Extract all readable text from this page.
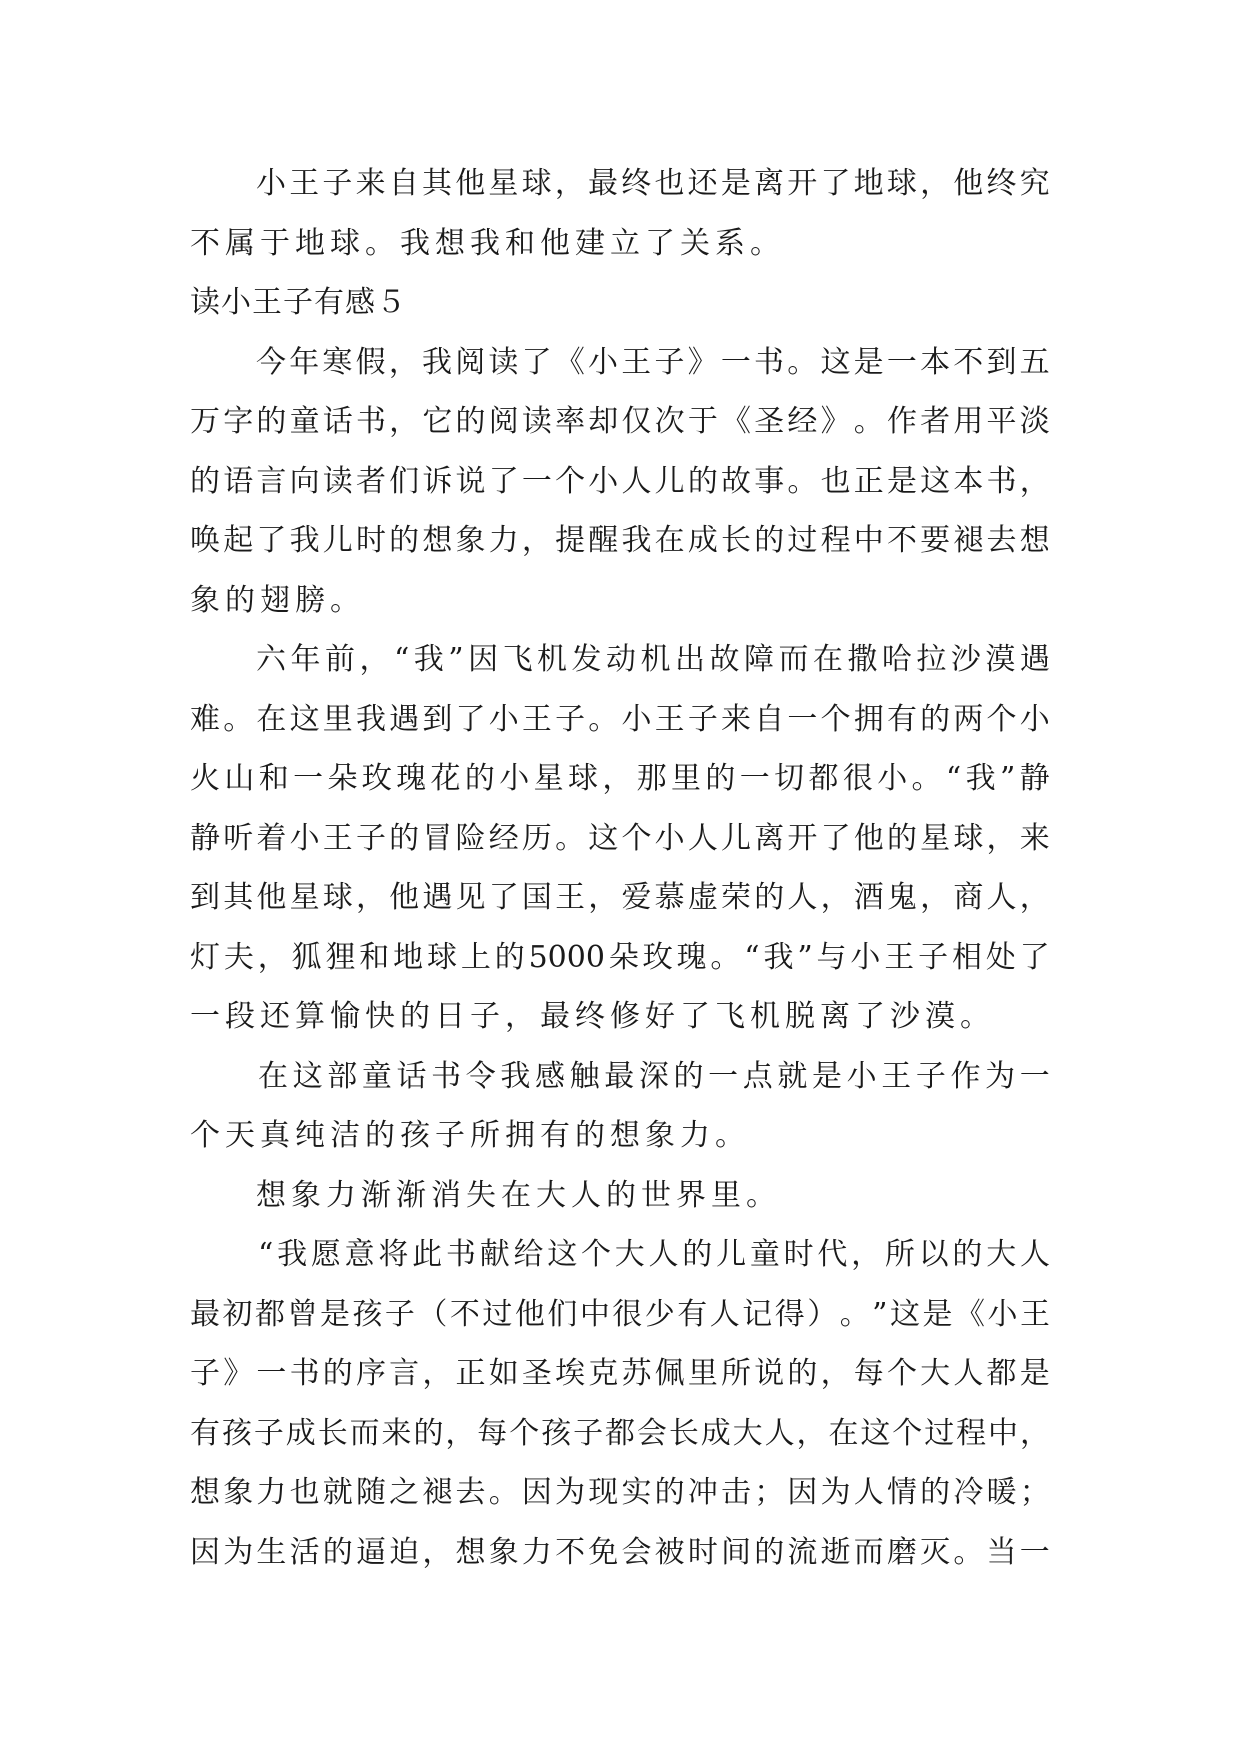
小 王 子 来 自 其 他 星 球 ， 最 终 也 还 是 离 开 了 地 球 ， 他 终 究
不属于地球。我想我和他建立了关系。
读小王子有感５
今 年 寒 假 ， 我 阅 读 了 《 小 王 子 》 一 书 。 这 是 一 本 不 到 五
万 字 的 童 话 书 ， 它 的 阅 读 率 却 仅 次 于 《 圣 经 》 。 作 者 用 平 淡
的 语 言 向 读 者 们 诉 说 了 一 个 小 人 儿 的 故 事 。 也 正 是 这 本 书 ，
唤 起 了 我 儿 时 的 想 象 力 ， 提 醒 我 在 成 长 的 过 程 中 不 要 褪 去 想
象的翅膀。
六 年 前 ， “ 我 ” 因 飞 机 发 动 机 出 故 障 而 在 撒 哈 拉 沙 漠 遇
难 。 在 这 里 我 遇 到 了 小 王 子 。 小 王 子 来 自 一 个 拥 有 的 两 个 小
火 山 和 一 朵 玫 瑰 花 的 小 星 球 ， 那 里 的 一 切 都 很 小 。 “ 我 ” 静
静 听 着 小 王 子 的 冒 险 经 历 。 这 个 小 人 儿 离 开 了 他 的 星 球 ， 来
到 其 他 星 球 ， 他 遇 见 了 国 王 ， 爱 慕 虚 荣 的 人 ， 酒 鬼 ， 商 人 ，
灯 夫 ， 狐 狸 和 地 球 上 的 5000 朵 玫 瑰 。 “ 我 ” 与 小 王 子 相 处 了
一段还算愉快的日子，最终修好了飞机脱离了沙漠。
在 这 部 童 话 书 令 我 感 触 最 深 的 一 点 就 是 小 王 子 作 为 一
个天真纯洁的孩子所拥有的想象力。
想象力渐渐消失在大人的世界里。
“ 我 愿 意 将 此 书 献 给 这 个 大 人 的 儿 童 时 代 ， 所 以 的 大 人
最 初 都 曾 是 孩 子 （ 不 过 他 们 中 很 少 有 人 记 得 ） 。 ” 这 是 《 小 王
子 》 一 书 的 序 言 ， 正 如 圣 埃 克 苏 佩 里 所 说 的 ， 每 个 大 人 都 是
有 孩 子 成 长 而 来 的 ， 每 个 孩 子 都 会 长 成 大 人 ， 在 这 个 过 程 中 ，
想 象 力 也 就 随 之 褪 去 。 因 为 现 实 的 冲 击 ； 因 为 人 情 的 冷 暖 ；
因 为 生 活 的 逼 迫 ， 想 象 力 不 免 会 被 时 间 的 流 逝 而 磨 灭 。 当 一
